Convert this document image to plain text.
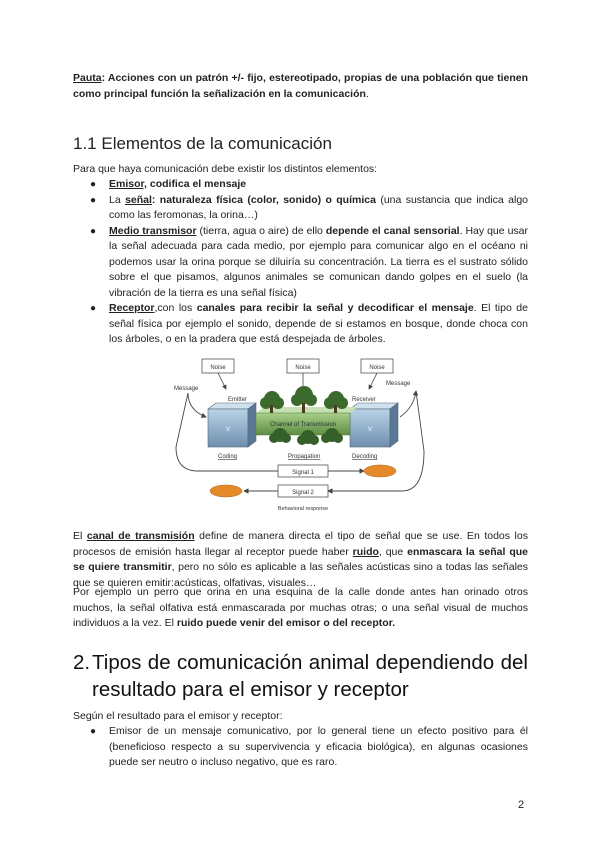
Pauta: Acciones con un patrón +/- fijo, estereotipado, propias de una población que tienen como principal función la señalización en la comunicación.
1.1 Elementos de la comunicación
Para que haya comunicación debe existir los distintos elementos:
● Emisor, codifica el mensaje
● La señal: naturaleza física (color, sonido) o química (una sustancia que indica algo como las feromonas, la orina…)
● Medio transmisor (tierra, agua o aire) de ello depende el canal sensorial. Hay que usar la señal adecuada para cada medio, por ejemplo para comunicar algo en el océano ni podemos usar la orina porque se diluiría su concentración. La tierra es el sustrato sólido sobre el que pisamos, algunos animales se comunican dando golpes en el suelo (la vibración de la tierra es una señal física)
● Receptor,con los canales para recibir la señal y decodificar el mensaje. El tipo de señal física por ejemplo el sonido, depende de si estamos en bosque, donde choca con los árboles, o en la pradera que está despejada de árboles.
Noise	Noise	Noise
Message
Message
Emitter	Receiver
V	V
Channel of Transmission
Coding	Propagation	Decoding
Signal 1
Signal 2
Behavioral response
El canal de transmisión define de manera directa el tipo de señal que se use. En todos los procesos de emisión hasta llegar al receptor puede haber ruido, que enmascara la señal que se quiere transmitir, pero no sólo es aplicable a las señales acústicas sino a todas las señales que se quieren emitir:acústicas, olfativas, visuales…
Por ejemplo un perro que orina en una esquina de la calle donde antes han orinado otros muchos, la señal olfativa está enmascarada por muchas otras; o una señal visual de muchos individuos a la vez. El ruido puede venir del emisor o del receptor.
2. Tipos de comunicación animal dependiendo del resultado para el emisor y receptor
Según el resultado para el emisor y receptor:
● Emisor de un mensaje comunicativo, por lo general tiene un efecto positivo para él (beneficioso respecto a su supervivencia y eficacia biológica), en algunas ocasiones puede ser neutro o incluso negativo, que es raro.
2
